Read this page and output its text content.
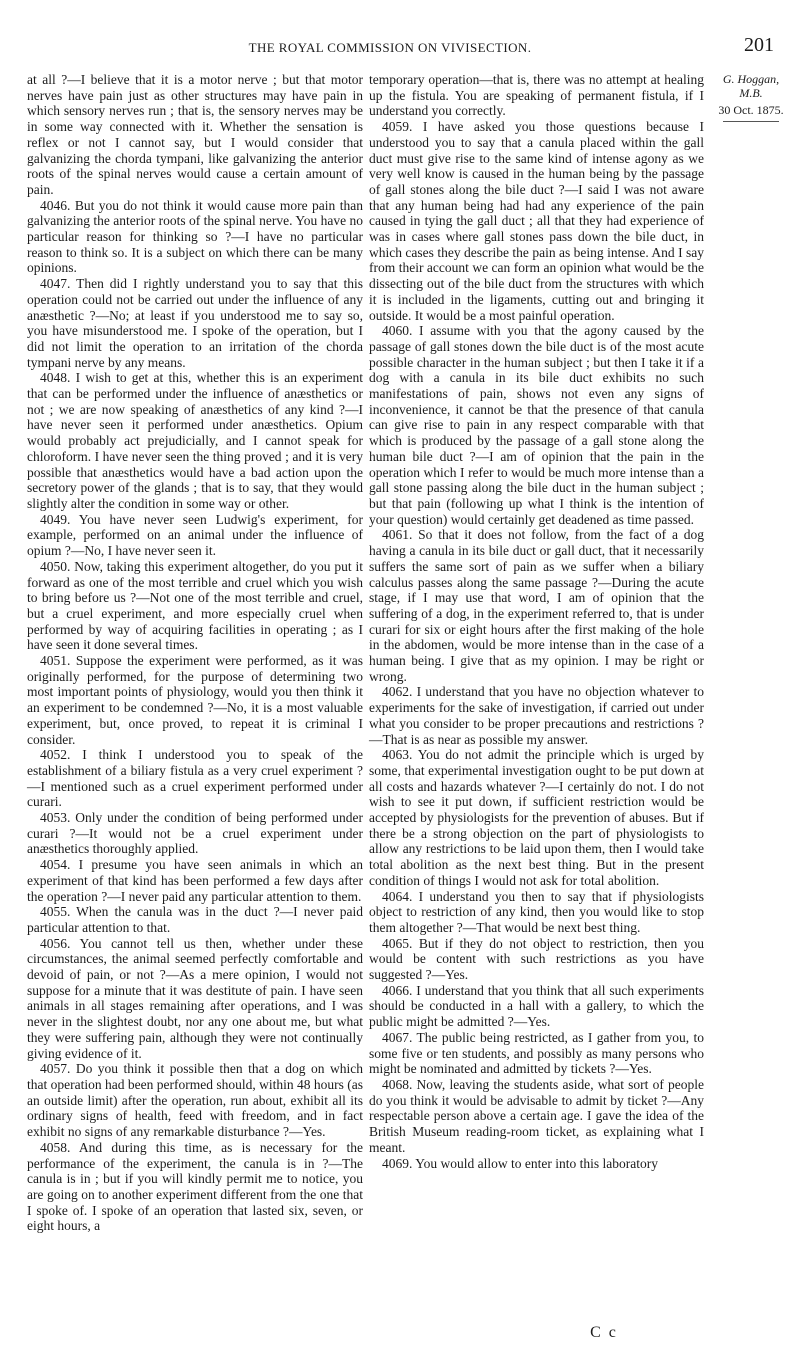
THE ROYAL COMMISSION ON VIVISECTION.	201

at all ?—I believe that it is a motor nerve ; but that motor nerves have pain just as other structures may have pain in which sensory nerves run ; that is, the sensory nerves may be in some way connected with it. Whether the sensation is reflex or not I cannot say, but I would consider that galvanizing the chorda tympani, like galvanizing the anterior roots of the spinal nerves would cause a certain amount of pain.

4046. But you do not think it would cause more pain than galvanizing the anterior roots of the spinal nerve. You have no particular reason for thinking so ?—I have no particular reason to think so. It is a subject on which there can be many opinions.

4047. Then did I rightly understand you to say that this operation could not be carried out under the influence of any anæsthetic ?—No; at least if you understood me to say so, you have misunderstood me. I spoke of the operation, but I did not limit the operation to an irritation of the chorda tympani nerve by any means.

4048. I wish to get at this, whether this is an experiment that can be performed under the influence of anæsthetics or not ; we are now speaking of anæsthetics of any kind ?—I have never seen it performed under anæsthetics. Opium would probably act prejudicially, and I cannot speak for chloroform. I have never seen the thing proved ; and it is very possible that anæsthetics would have a bad action upon the secretory power of the glands ; that is to say, that they would slightly alter the condition in some way or other.

4049. You have never seen Ludwig's experiment, for example, performed on an animal under the influence of opium ?—No, I have never seen it.

4050. Now, taking this experiment altogether, do you put it forward as one of the most terrible and cruel which you wish to bring before us ?—Not one of the most terrible and cruel, but a cruel experiment, and more especially cruel when performed by way of acquiring facilities in operating ; as I have seen it done several times.

4051. Suppose the experiment were performed, as it was originally performed, for the purpose of determining two most important points of physiology, would you then think it an experiment to be condemned ?—No, it is a most valuable experiment, but, once proved, to repeat it is criminal I consider.

4052. I think I understood you to speak of the establishment of a biliary fistula as a very cruel experiment ?—I mentioned such as a cruel experiment performed under curari.

4053. Only under the condition of being performed under curari ?—It would not be a cruel experiment under anæsthetics thoroughly applied.

4054. I presume you have seen animals in which an experiment of that kind has been performed a few days after the operation ?—I never paid any particular attention to them.

4055. When the canula was in the duct ?—I never paid particular attention to that.

4056. You cannot tell us then, whether under these circumstances, the animal seemed perfectly comfortable and devoid of pain, or not ?—As a mere opinion, I would not suppose for a minute that it was destitute of pain. I have seen animals in all stages remaining after operations, and I was never in the slightest doubt, nor any one about me, but what they were suffering pain, although they were not continually giving evidence of it.

4057. Do you think it possible then that a dog on which that operation had been performed should, within 48 hours (as an outside limit) after the operation, run about, exhibit all its ordinary signs of health, feed with freedom, and in fact exhibit no signs of any remarkable disturbance ?—Yes.

4058. And during this time, as is necessary for the performance of the experiment, the canula is in ?—The canula is in ; but if you will kindly permit me to notice, you are going on to another experiment different from the one that I spoke of. I spoke of an operation that lasted six, seven, or eight hours, a

temporary operation—that is, there was no attempt at healing up the fistula. You are speaking of permanent fistula, if I understand you correctly.

4059. I have asked you those questions because I understood you to say that a canula placed within the gall duct must give rise to the same kind of intense agony as we very well know is caused in the human being by the passage of gall stones along the bile duct ?—I said I was not aware that any human being had had any experience of the pain caused in tying the gall duct ; all that they had experience of was in cases where gall stones pass down the bile duct, in which cases they describe the pain as being intense. And I say from their account we can form an opinion what would be the dissecting out of the bile duct from the structures with which it is included in the ligaments, cutting out and bringing it outside. It would be a most painful operation.

4060. I assume with you that the agony caused by the passage of gall stones down the bile duct is of the most acute possible character in the human subject ; but then I take it if a dog with a canula in its bile duct exhibits no such manifestations of pain, shows not even any signs of inconvenience, it cannot be that the presence of that canula can give rise to pain in any respect comparable with that which is produced by the passage of a gall stone along the human bile duct ?—I am of opinion that the pain in the operation which I refer to would be much more intense than a gall stone passing along the bile duct in the human subject ; but that pain (following up what I think is the intention of your question) would certainly get deadened as time passed.

4061. So that it does not follow, from the fact of a dog having a canula in its bile duct or gall duct, that it necessarily suffers the same sort of pain as we suffer when a biliary calculus passes along the same passage ?—During the acute stage, if I may use that word, I am of opinion that the suffering of a dog, in the experiment referred to, that is under curari for six or eight hours after the first making of the hole in the abdomen, would be more intense than in the case of a human being. I give that as my opinion. I may be right or wrong.

4062. I understand that you have no objection whatever to experiments for the sake of investigation, if carried out under what you consider to be proper precautions and restrictions ?—That is as near as possible my answer.

4063. You do not admit the principle which is urged by some, that experimental investigation ought to be put down at all costs and hazards whatever ?—I certainly do not. I do not wish to see it put down, if sufficient restriction would be accepted by physiologists for the prevention of abuses. But if there be a strong objection on the part of physiologists to allow any restrictions to be laid upon them, then I would take total abolition as the next best thing. But in the present condition of things I would not ask for total abolition.

4064. I understand you then to say that if physiologists object to restriction of any kind, then you would like to stop them altogether ?—That would be next best thing.

4065. But if they do not object to restriction, then you would be content with such restrictions as you have suggested ?—Yes.

4066. I understand that you think that all such experiments should be conducted in a hall with a gallery, to which the public might be admitted ?—Yes.

4067. The public being restricted, as I gather from you, to some five or ten students, and possibly as many persons who might be nominated and admitted by tickets ?—Yes.

4068. Now, leaving the students aside, what sort of people do you think it would be advisable to admit by ticket ?—Any respectable person above a certain age. I gave the idea of the British Museum reading-room ticket, as explaining what I meant.

4069. You would allow to enter into this laboratory

G. Hoggan,
M.B.
30 Oct. 1875.
C c
